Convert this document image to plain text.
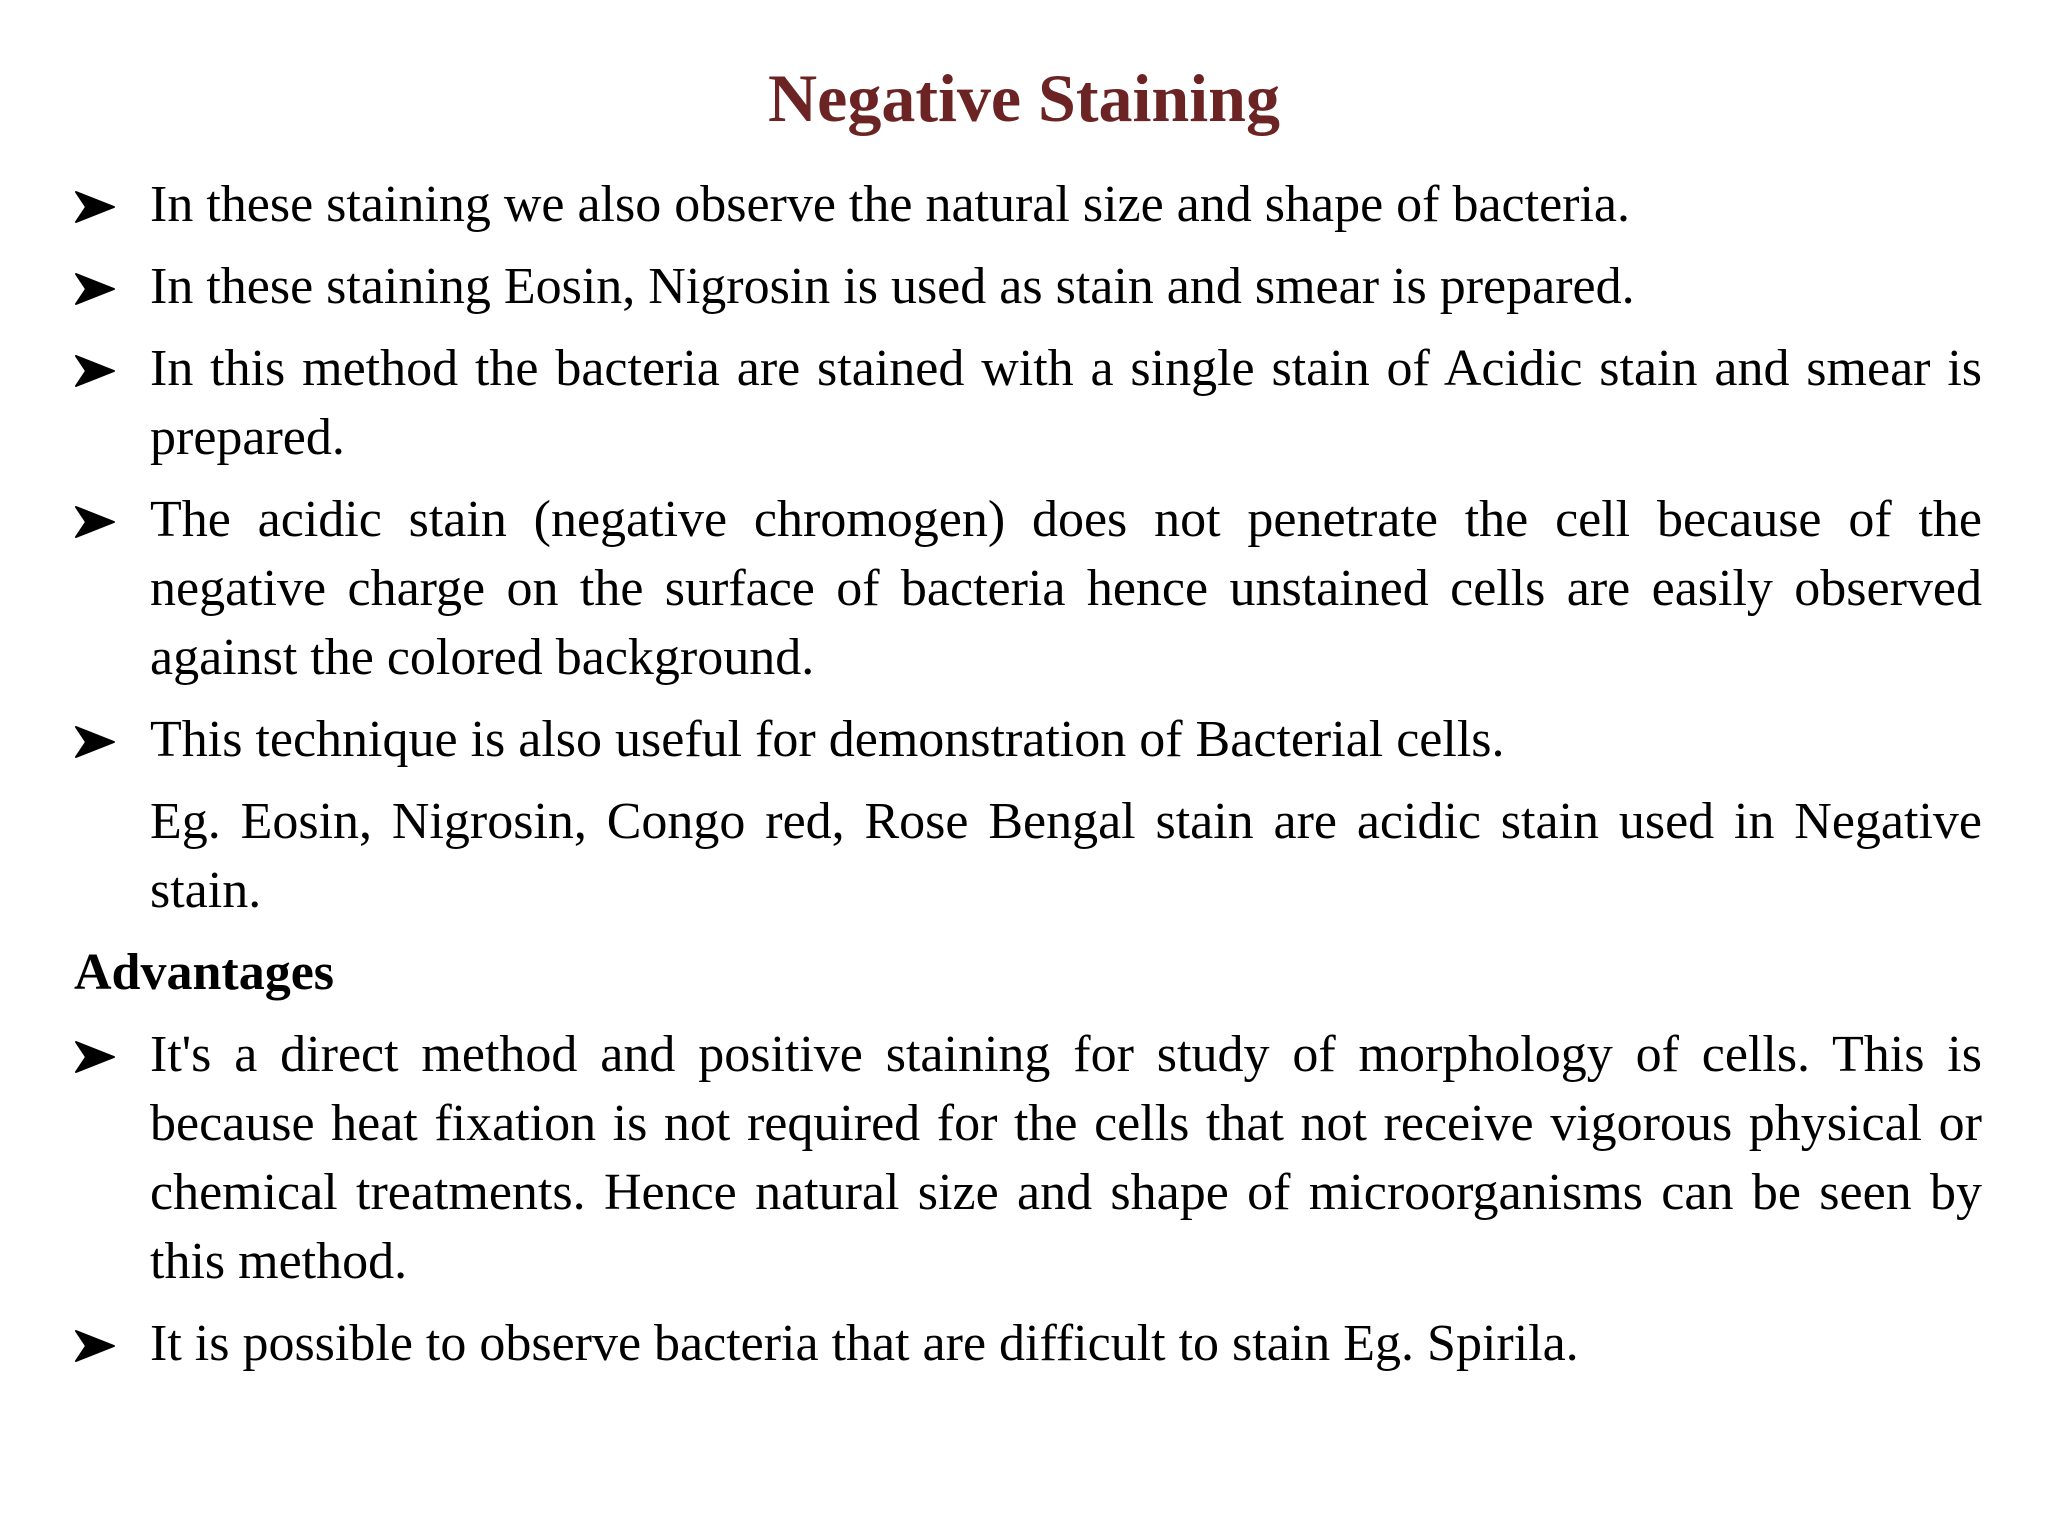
Negative Staining
In these staining we also observe the natural size and shape of bacteria.
In these staining Eosin, Nigrosin is used as stain and smear is prepared.
In this method the bacteria are stained with a single stain of Acidic stain and smear is prepared.
The acidic stain (negative chromogen) does not penetrate the cell because of the negative charge on the surface of bacteria hence unstained cells are easily observed against the colored background.
This technique is also useful for demonstration of Bacterial cells.
Eg. Eosin, Nigrosin, Congo red, Rose Bengal stain are acidic stain used in Negative stain.
Advantages
It's a direct method and positive staining for study of morphology of cells. This is because heat fixation is not required for the cells that not receive vigorous physical or chemical treatments. Hence natural size and shape of microorganisms can be seen by this method.
It is possible to observe bacteria that are difficult to stain Eg. Spirila.
